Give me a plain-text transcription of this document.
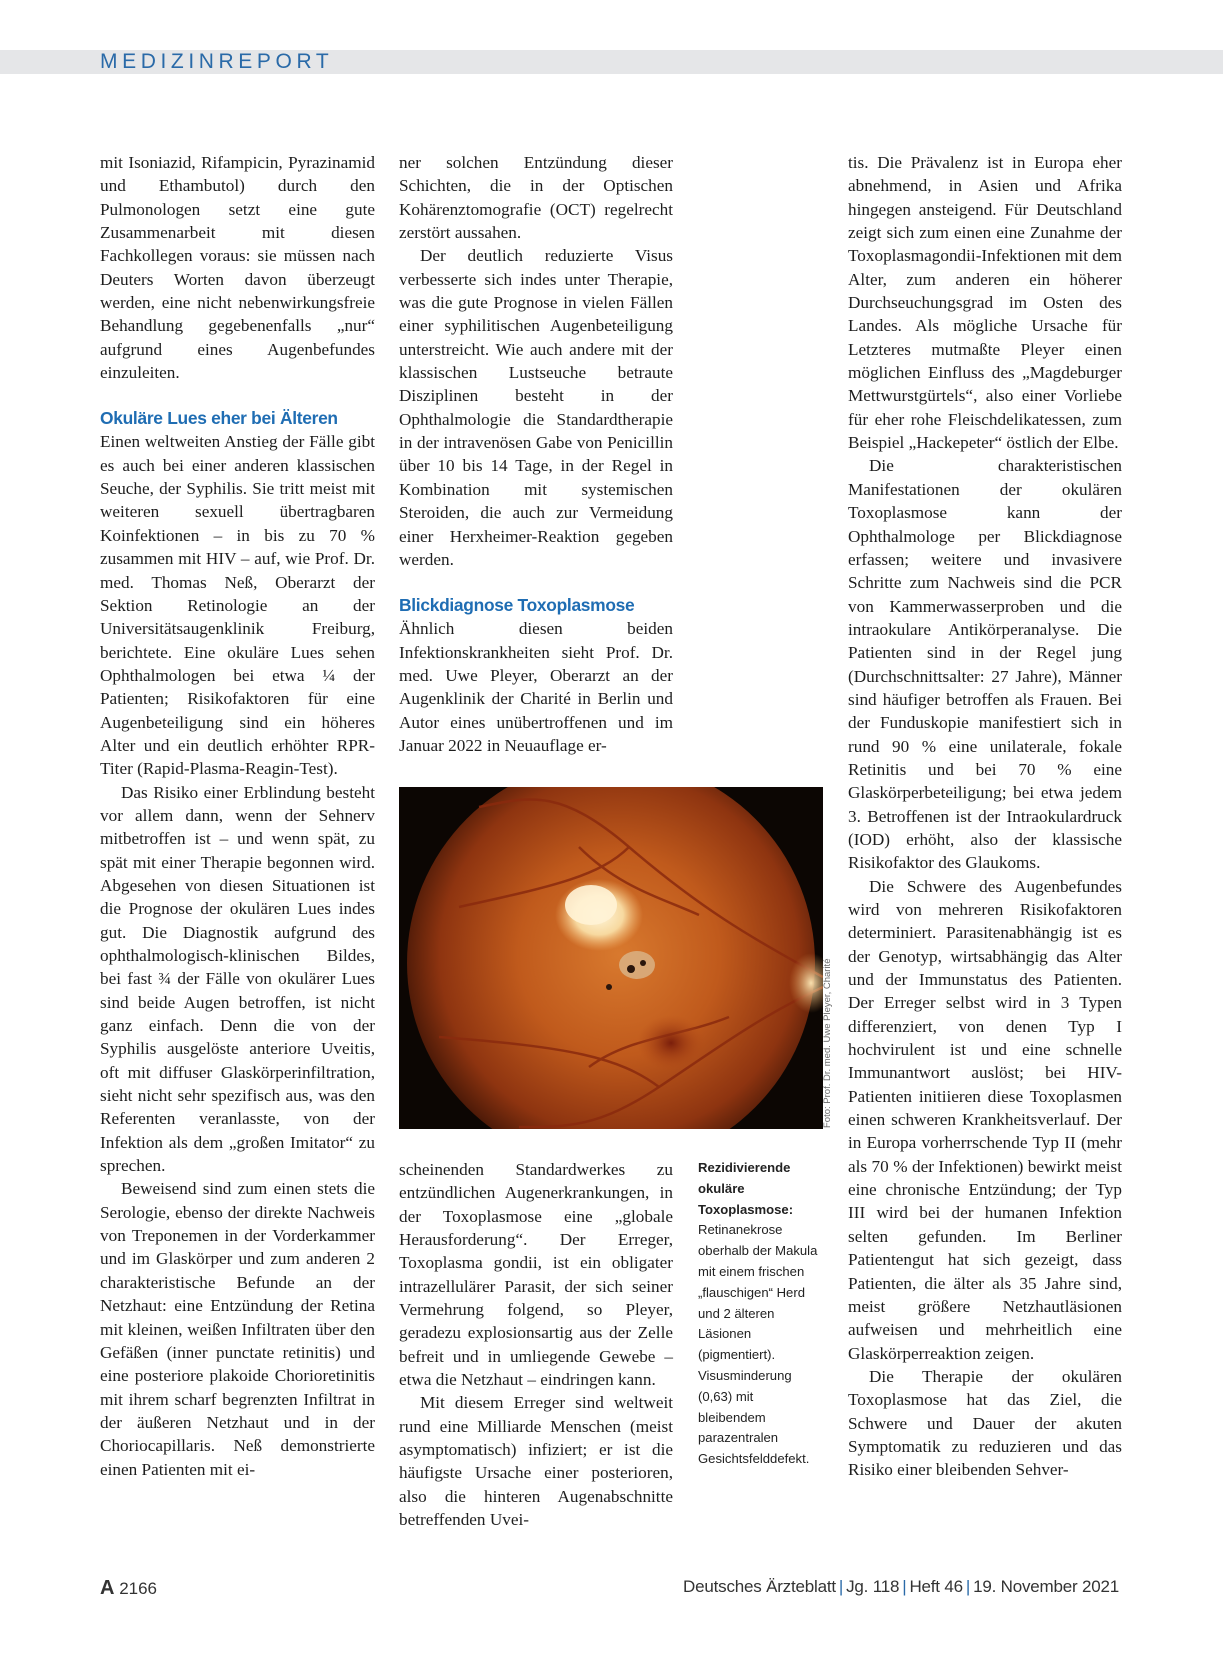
MEDIZINREPORT

mit Isoniazid, Rifampicin, Pyrazinamid und Ethambutol) durch den Pulmonologen setzt eine gute Zusammenarbeit mit diesen Fachkollegen voraus: sie müssen nach Deuters Worten davon überzeugt werden, eine nicht nebenwirkungsfreie Behandlung gegebenenfalls „nur“ aufgrund eines Augenbefundes einzuleiten.

Okuläre Lues eher bei Älteren

Einen weltweiten Anstieg der Fälle gibt es auch bei einer anderen klassischen Seuche, der Syphilis. Sie tritt meist mit weiteren sexuell übertragbaren Koinfektionen – in bis zu 70 % zusammen mit HIV – auf, wie Prof. Dr. med. Thomas Neß, Oberarzt der Sektion Retinologie an der Universitätsaugenklinik Freiburg, berichtete. Eine okuläre Lues sehen Ophthalmologen bei etwa ¼ der Patienten; Risikofaktoren für eine Augenbeteiligung sind ein höheres Alter und ein deutlich erhöhter RPR-Titer (Rapid-Plasma-Reagin-Test).

Das Risiko einer Erblindung besteht vor allem dann, wenn der Sehnerv mitbetroffen ist – und wenn spät, zu spät mit einer Therapie begonnen wird. Abgesehen von diesen Situationen ist die Prognose der okulären Lues indes gut. Die Diagnostik aufgrund des ophthalmologisch-klinischen Bildes, bei fast ¾ der Fälle von okulärer Lues sind beide Augen betroffen, ist nicht ganz einfach. Denn die von der Syphilis ausgelöste anteriore Uveitis, oft mit diffuser Glaskörperinfiltration, sieht nicht sehr spezifisch aus, was den Referenten veranlasste, von der Infektion als dem „großen Imitator“ zu sprechen.

Beweisend sind zum einen stets die Serologie, ebenso der direkte Nachweis von Treponemen in der Vorderkammer und im Glaskörper und zum anderen 2 charakteristische Befunde an der Netzhaut: eine Entzündung der Retina mit kleinen, weißen Infiltraten über den Gefäßen (inner punctate retinitis) und eine posteriore plakoide Chorioretinitis mit ihrem scharf begrenzten Infiltrat in der äußeren Netzhaut und in der Choriocapillaris. Neß demonstrierte einen Patienten mit ei-

ner solchen Entzündung dieser Schichten, die in der Optischen Kohärenztomografie (OCT) regelrecht zerstört aussahen.

Der deutlich reduzierte Visus verbesserte sich indes unter Therapie, was die gute Prognose in vielen Fällen einer syphilitischen Augenbeteiligung unterstreicht. Wie auch andere mit der klassischen Lustseuche betraute Disziplinen besteht in der Ophthalmologie die Standardtherapie in der intravenösen Gabe von Penicillin über 10 bis 14 Tage, in der Regel in Kombination mit systemischen Steroiden, die auch zur Vermeidung einer Herxheimer-Reaktion gegeben werden.

Blickdiagnose Toxoplasmose

Ähnlich diesen beiden Infektionskrankheiten sieht Prof. Dr. med. Uwe Pleyer, Oberarzt an der Augenklinik der Charité in Berlin und Autor eines unübertroffenen und im Januar 2022 in Neuauflage er-

Foto: Prof. Dr. med. Uwe Pleyer, Charité
Rezidivierende okuläre Toxoplasmose: Retinanekrose oberhalb der Makula mit einem frischen „flauschigen“ Herd und 2 älteren Läsionen (pigmentiert). Visusminderung (0,63) mit bleibendem parazentralen Gesichtsfelddefekt.

scheinenden Standardwerkes zu entzündlichen Augenerkrankungen, in der Toxoplasmose eine „globale Herausforderung“. Der Erreger, Toxoplasma gondii, ist ein obligater intrazellulärer Parasit, der sich seiner Vermehrung folgend, so Pleyer, geradezu explosionsartig aus der Zelle befreit und in umliegende Gewebe – etwa die Netzhaut – eindringen kann.

Mit diesem Erreger sind weltweit rund eine Milliarde Menschen (meist asymptomatisch) infiziert; er ist die häufigste Ursache einer posterioren, also die hinteren Augenabschnitte betreffenden Uvei-

tis. Die Prävalenz ist in Europa eher abnehmend, in Asien und Afrika hingegen ansteigend. Für Deutschland zeigt sich zum einen eine Zunahme der Toxoplasmagondii-Infektionen mit dem Alter, zum anderen ein höherer Durchseuchungsgrad im Osten des Landes. Als mögliche Ursache für Letzteres mutmaßte Pleyer einen möglichen Einfluss des „Magdeburger Mettwurstgürtels“, also einer Vorliebe für eher rohe Fleischdelikatessen, zum Beispiel „Hackepeter“ östlich der Elbe.

Die charakteristischen Manifestationen der okulären Toxoplasmose kann der Ophthalmologe per Blickdiagnose erfassen; weitere und invasivere Schritte zum Nachweis sind die PCR von Kammerwasserproben und die intraokulare Antikörperanalyse. Die Patienten sind in der Regel jung (Durchschnittsalter: 27 Jahre), Männer sind häufiger betroffen als Frauen. Bei der Funduskopie manifestiert sich in rund 90 % eine unilaterale, fokale Retinitis und bei 70 % eine Glaskörperbeteiligung; bei etwa jedem 3. Betroffenen ist der Intraokulardruck (IOD) erhöht, also der klassische Risikofaktor des Glaukoms.

Die Schwere des Augenbefundes wird von mehreren Risikofaktoren determiniert. Parasitenabhängig ist es der Genotyp, wirtsabhängig das Alter und der Immunstatus des Patienten. Der Erreger selbst wird in 3 Typen differenziert, von denen Typ I hochvirulent ist und eine schnelle Immunantwort auslöst; bei HIV-Patienten initiieren diese Toxoplasmen einen schweren Krankheitsverlauf. Der in Europa vorherrschende Typ II (mehr als 70 % der Infektionen) bewirkt meist eine chronische Entzündung; der Typ III wird bei der humanen Infektion selten gefunden. Im Berliner Patientengut hat sich gezeigt, dass Patienten, die älter als 35 Jahre sind, meist größere Netzhautläsionen aufweisen und mehrheitlich eine Glaskörperreaktion zeigen.

Die Therapie der okulären Toxoplasmose hat das Ziel, die Schwere und Dauer der akuten Symptomatik zu reduzieren und das Risiko einer bleibenden Sehver-

A 2166	Deutsches Ärzteblatt | Jg. 118 | Heft 46 | 19. November 2021
